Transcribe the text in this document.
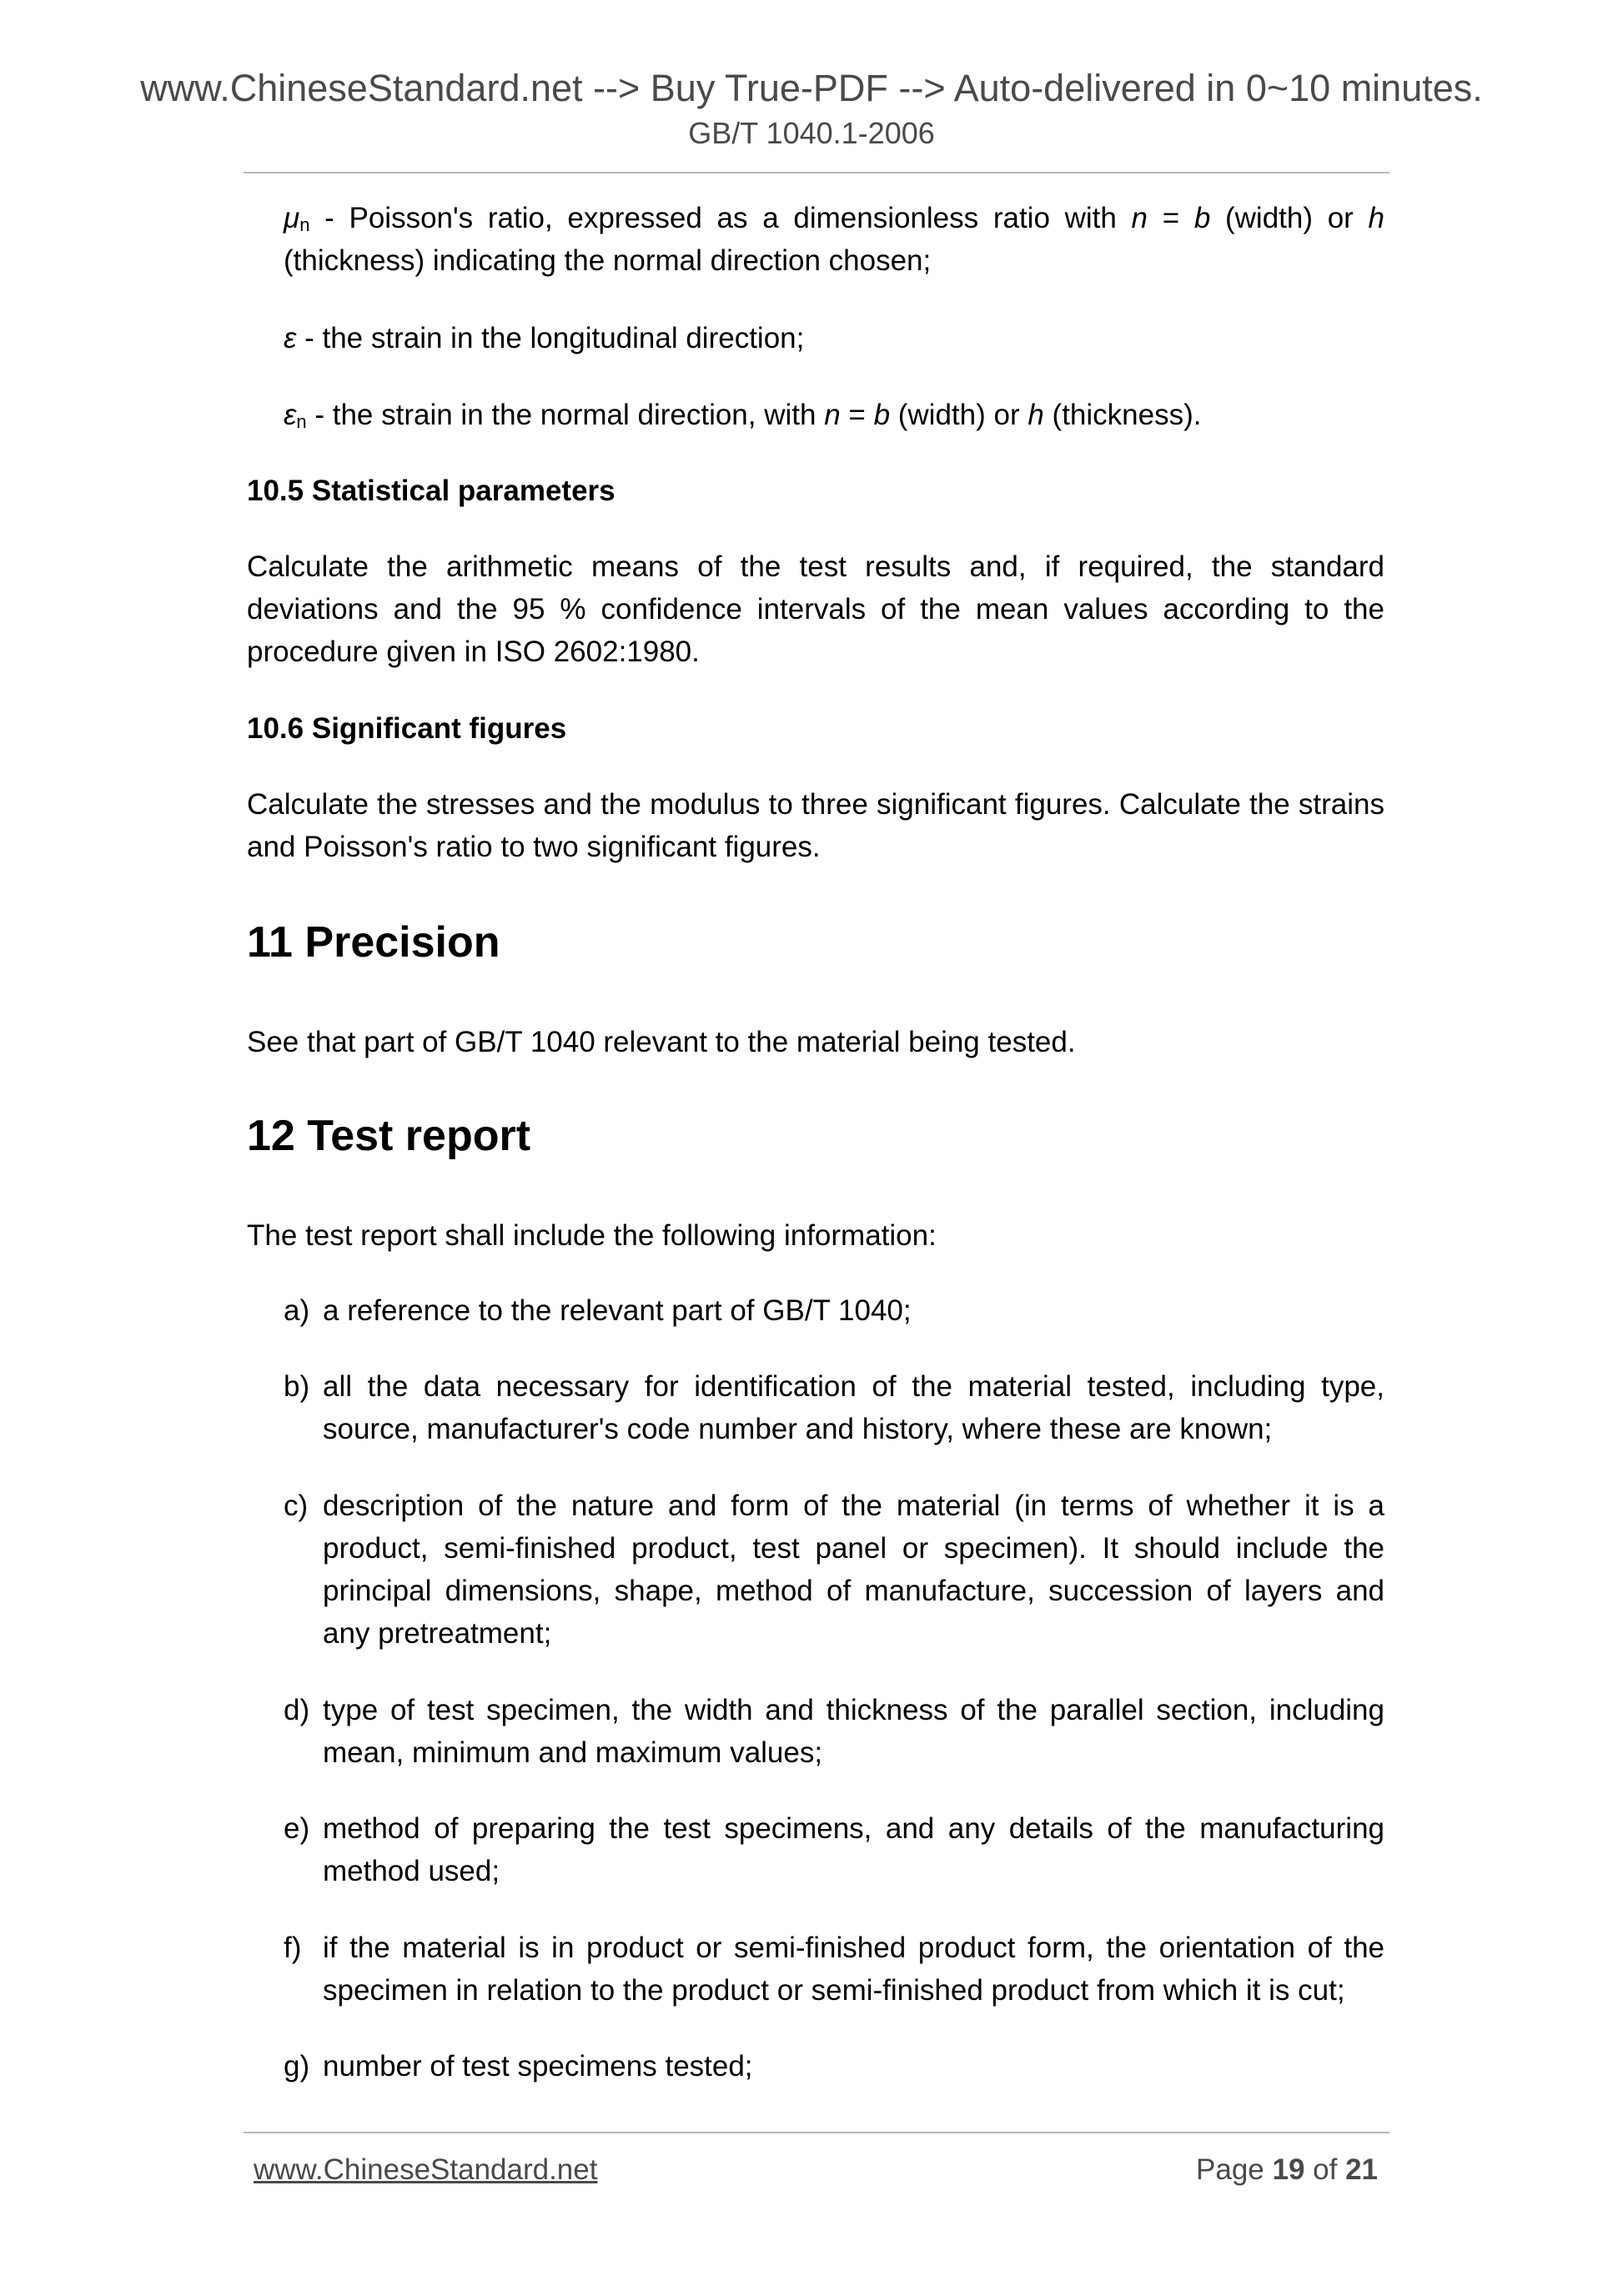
www.ChineseStandard.net --> Buy True-PDF --> Auto-delivered in 0~10 minutes.
GB/T 1040.1-2006

$\mu_n$ - Poisson's ratio, expressed as a dimensionless ratio with n = b (width) or h (thickness) indicating the normal direction chosen;

ε - the strain in the longitudinal direction;

$\varepsilon_n$ - the strain in the normal direction, with n = b (width) or h (thickness).

10.5 Statistical parameters

Calculate the arithmetic means of the test results and, if required, the standard deviations and the 95 % confidence intervals of the mean values according to the procedure given in ISO 2602:1980.

10.6 Significant figures

Calculate the stresses and the modulus to three significant figures. Calculate the strains and Poisson's ratio to two significant figures.

11 Precision

See that part of GB/T 1040 relevant to the material being tested.

12 Test report

The test report shall include the following information:

a) a reference to the relevant part of GB/T 1040;
b) all the data necessary for identification of the material tested, including type, source, manufacturer's code number and history, where these are known;
c) description of the nature and form of the material (in terms of whether it is a product, semi-finished product, test panel or specimen). It should include the principal dimensions, shape, method of manufacture, succession of layers and any pretreatment;
d) type of test specimen, the width and thickness of the parallel section, including mean, minimum and maximum values;
e) method of preparing the test specimens, and any details of the manufacturing method used;
f) if the material is in product or semi-finished product form, the orientation of the specimen in relation to the product or semi-finished product from which it is cut;
g) number of test specimens tested;
www.ChineseStandard.net	Page 19 of 21
